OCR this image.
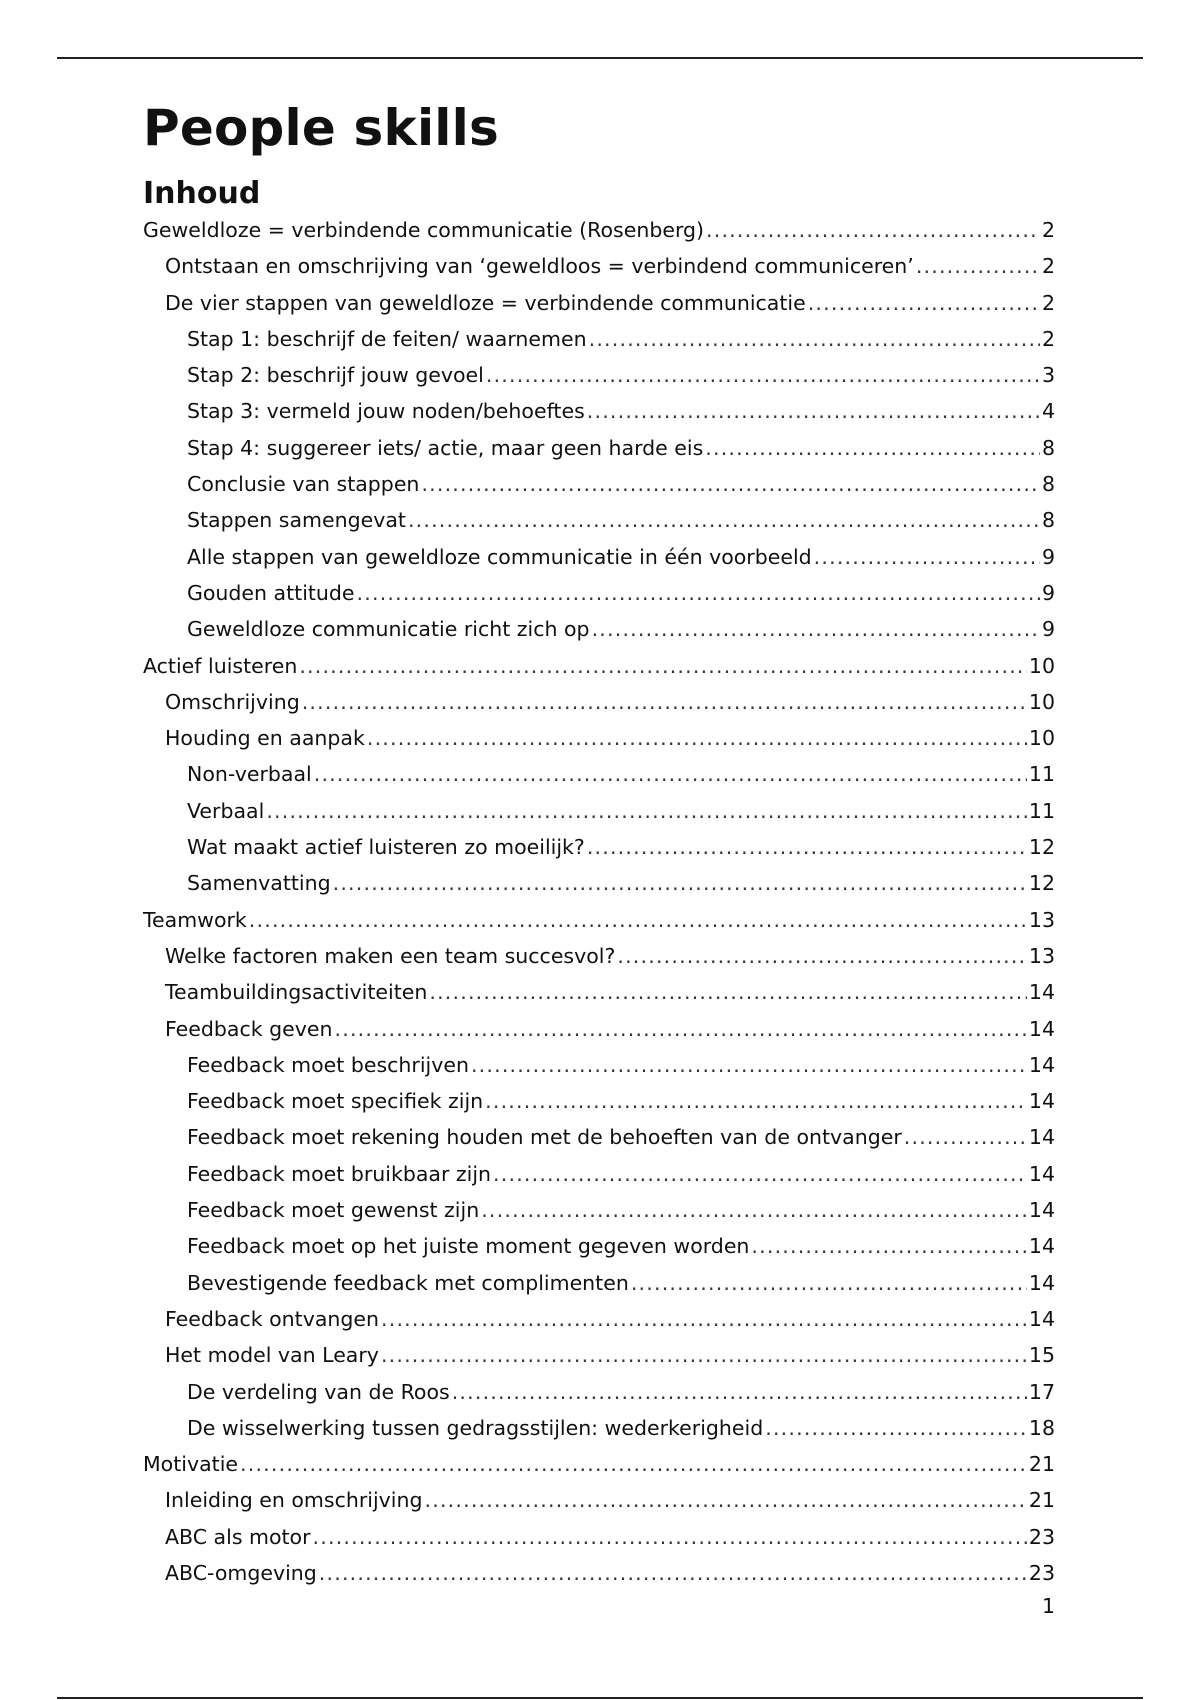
People skills
Inhoud
Geweldloze = verbindende communicatie (Rosenberg) .....	2
Ontstaan en omschrijving van ‘geweldloos = verbindend communiceren’ .....	2
De vier stappen van geweldloze = verbindende communicatie .....	2
Stap 1: beschrijf de feiten/ waarnemen .....	2
Stap 2: beschrijf jouw gevoel .....	3
Stap 3: vermeld jouw noden/behoeftes .....	4
Stap 4: suggereer iets/ actie, maar geen harde eis .....	8
Conclusie van stappen .....	8
Stappen samengevat .....	8
Alle stappen van geweldloze communicatie in één voorbeeld .....	9
Gouden attitude .....	9
Geweldloze communicatie richt zich op .....	9
Actief luisteren .....	10
Omschrijving .....	10
Houding en aanpak .....	10
Non-verbaal .....	11
Verbaal .....	11
Wat maakt actief luisteren zo moeilijk? .....	12
Samenvatting .....	12
Teamwork .....	13
Welke factoren maken een team succesvol? .....	13
Teambuildingsactiviteiten .....	14
Feedback geven .....	14
Feedback moet beschrijven .....	14
Feedback moet specifiek zijn .....	14
Feedback moet rekening houden met de behoeften van de ontvanger .....	14
Feedback moet bruikbaar zijn .....	14
Feedback moet gewenst zijn .....	14
Feedback moet op het juiste moment gegeven worden .....	14
Bevestigende feedback met complimenten .....	14
Feedback ontvangen .....	14
Het model van Leary .....	15
De verdeling van de Roos .....	17
De wisselwerking tussen gedragsstijlen: wederkerigheid .....	18
Motivatie .....	21
Inleiding en omschrijving .....	21
ABC als motor .....	23
ABC-omgeving .....	23
1
